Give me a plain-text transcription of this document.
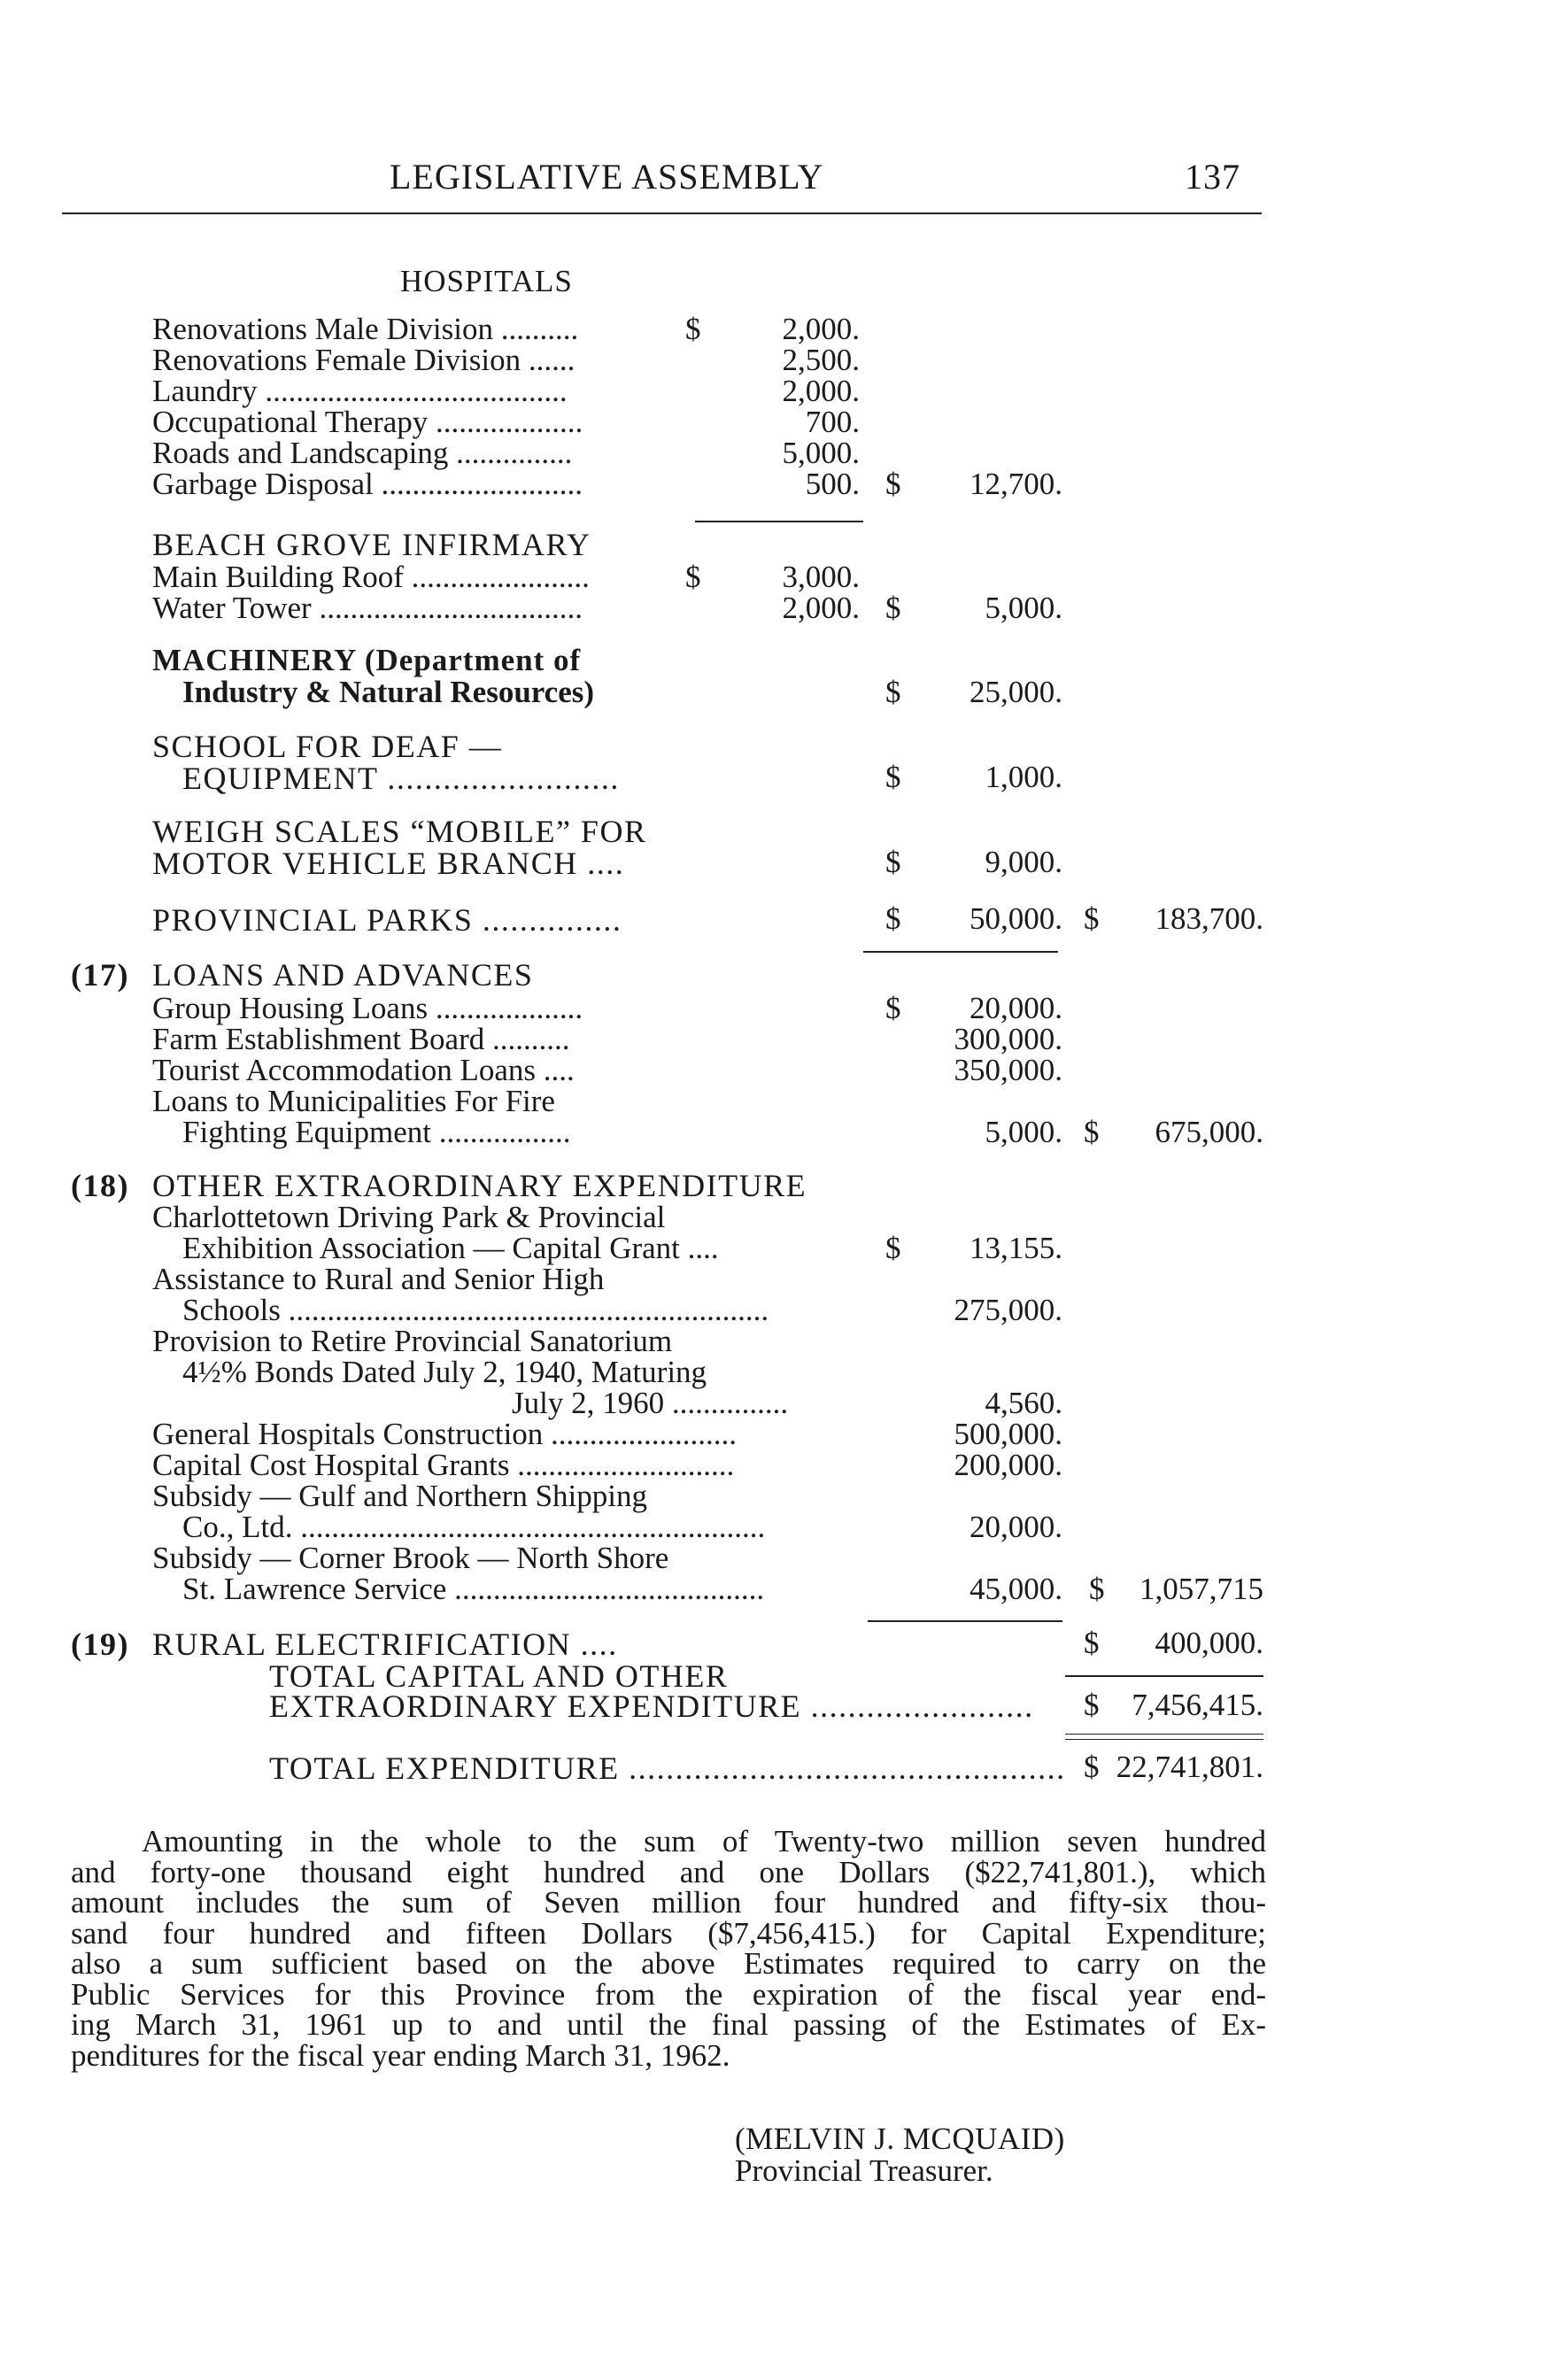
LEGISLATIVE ASSEMBLY	137
HOSPITALS
Renovations Male Division ..........	$	2,000.
Renovations Female Division ......	2,500.
Laundry .......................................	2,000.
Occupational Therapy ...................	700.
Roads and Landscaping ...............	5,000.
Garbage Disposal ..........................	500. $ 12,700.
BEACH GROVE INFIRMARY
Main Building Roof .......................	$	3,000.
Water Tower ..................................	2,000. $	5,000.
MACHINERY (Department of
Industry & Natural Resources)	$ 25,000.
SCHOOL FOR DEAF —
EQUIPMENT .........................	$	1,000.
WEIGH SCALES “MOBILE” FOR
MOTOR VEHICLE BRANCH ....	$	9,000.
PROVINCIAL PARKS ...............	$ 50,000. $ 183,700.
(17) LOANS AND ADVANCES
Group Housing Loans ...................	$ 20,000.
Farm Establishment Board ..........	300,000.
Tourist Accommodation Loans ....	350,000.
Loans to Municipalities For Fire
Fighting Equipment .................	5,000. $ 675,000.
(18) OTHER EXTRAORDINARY EXPENDITURE
Charlottetown Driving Park & Provincial
Exhibition Association — Capital Grant ....	$ 13,155.
Assistance to Rural and Senior High
Schools ..............................................................	275,000.
Provision to Retire Provincial Sanatorium
4½% Bonds Dated July 2, 1940, Maturing
July 2, 1960 ...............	4,560.
General Hospitals Construction ........................	500,000.
Capital Cost Hospital Grants ............................	200,000.
Subsidy — Gulf and Northern Shipping
Co., Ltd. ............................................................	20,000.
Subsidy — Corner Brook — North Shore
St. Lawrence Service ........................................	45,000. $ 1,057,715
(19) RURAL ELECTRIFICATION ....	$ 400,000.
TOTAL CAPITAL AND OTHER
EXTRAORDINARY EXPENDITURE ........................ $ 7,456,415.
TOTAL EXPENDITURE ............................................... $ 22,741,801.
Amounting in the whole to the sum of Twenty-two million seven hundred
and forty-one thousand eight hundred and one Dollars ($22,741,801.), which
amount includes the sum of Seven million four hundred and fifty-six thou-
sand four hundred and fifteen Dollars ($7,456,415.) for Capital Expenditure;
also a sum sufficient based on the above Estimates required to carry on the
Public Services for this Province from the expiration of the fiscal year end-
ing March 31, 1961 up to and until the final passing of the Estimates of Ex-
penditures for the fiscal year ending March 31, 1962.
(MELVIN J. MCQUAID)
Provincial Treasurer.
